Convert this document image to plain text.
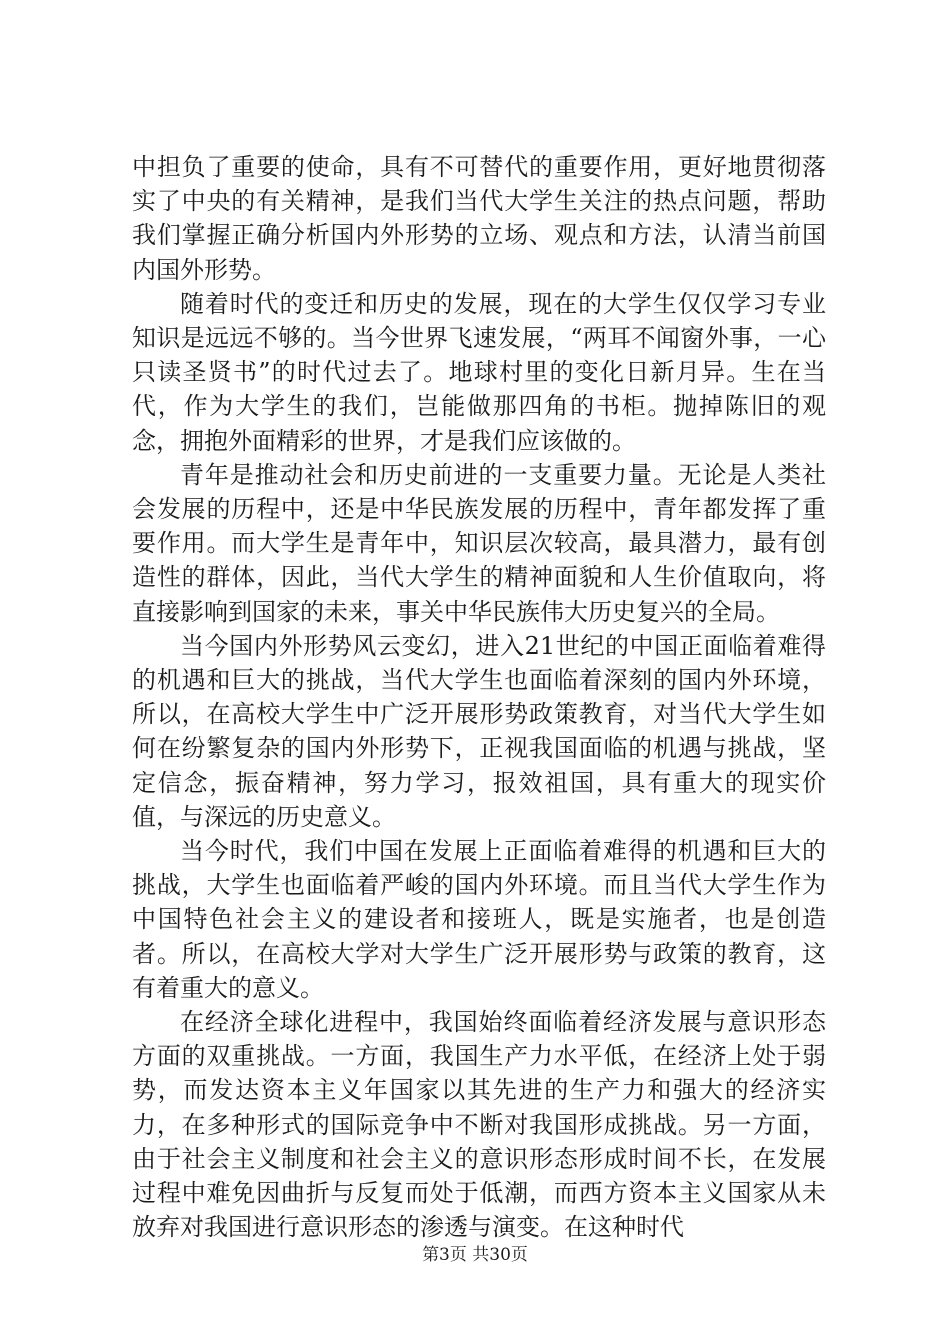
中担负了重要的使命，具有不可替代的重要作用，更好地贯彻落实了中央的有关精神，是我们当代大学生关注的热点问题，帮助我们掌握正确分析国内外形势的立场、观点和方法，认清当前国内国外形势。

随着时代的变迁和历史的发展，现在的大学生仅仅学习专业知识是远远不够的。当今世界飞速发展，“两耳不闻窗外事，一心只读圣贤书”的时代过去了。地球村里的变化日新月异。生在当代，作为大学生的我们，岂能做那四角的书柜。抛掉陈旧的观念，拥抱外面精彩的世界，才是我们应该做的。

青年是推动社会和历史前进的一支重要力量。无论是人类社会发展的历程中，还是中华民族发展的历程中，青年都发挥了重要作用。而大学生是青年中，知识层次较高，最具潜力，最有创造性的群体，因此，当代大学生的精神面貌和人生价值取向，将直接影响到国家的未来，事关中华民族伟大历史复兴的全局。

当今国内外形势风云变幻，进入21世纪的中国正面临着难得的机遇和巨大的挑战，当代大学生也面临着深刻的国内外环境，所以，在高校大学生中广泛开展形势政策教育，对当代大学生如何在纷繁复杂的国内外形势下，正视我国面临的机遇与挑战，坚定信念，振奋精神，努力学习，报效祖国，具有重大的现实价值，与深远的历史意义。

当今时代，我们中国在发展上正面临着难得的机遇和巨大的挑战，大学生也面临着严峻的国内外环境。而且当代大学生作为中国特色社会主义的建设者和接班人，既是实施者，也是创造者。所以，在高校大学对大学生广泛开展形势与政策的教育，这有着重大的意义。

在经济全球化进程中，我国始终面临着经济发展与意识形态方面的双重挑战。一方面，我国生产力水平低，在经济上处于弱势，而发达资本主义年国家以其先进的生产力和强大的经济实力，在多种形式的国际竞争中不断对我国形成挑战。另一方面，由于社会主义制度和社会主义的意识形态形成时间不长，在发展过程中难免因曲折与反复而处于低潮，而西方资本主义国家从未放弃对我国进行意识形态的渗透与演变。在这种时代

第3页 共30页
